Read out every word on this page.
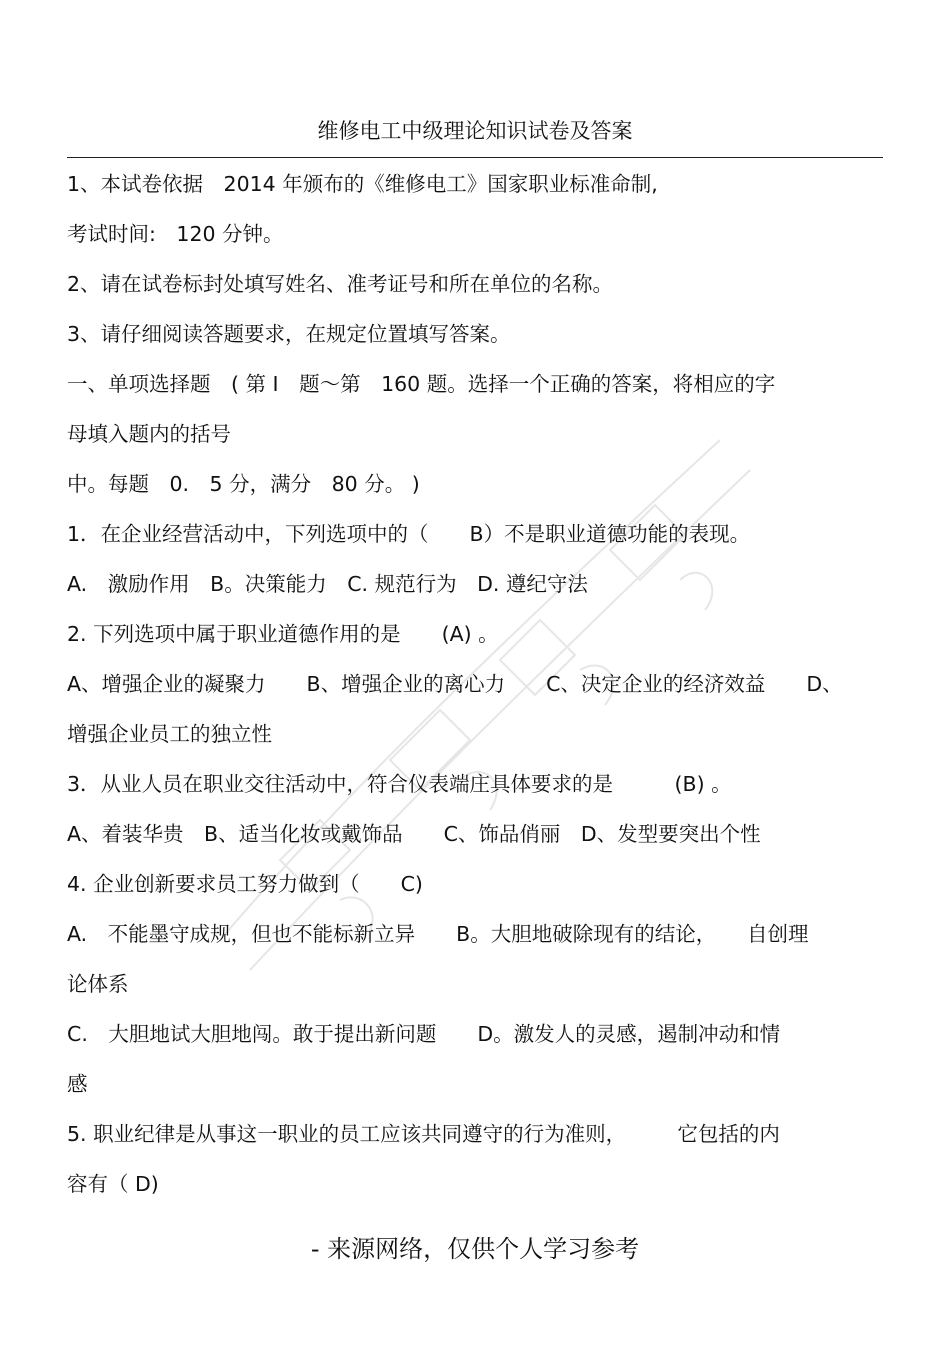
维修电工中级理论知识试卷及答案
1、本试卷依据　2014 年颁布的《维修电工》国家职业标准命制,
考试时间:　120 分钟。
2、请在试卷标封处填写姓名、准考证号和所在单位的名称。
3、请仔细阅读答题要求，在规定位置填写答案。
一、单项选择题　( 第 I　题～第　160 题。选择一个正确的答案，将相应的字
母填入题内的括号
中。每题　0.　5 分，满分　80 分。 )
1．在企业经营活动中，下列选项中的（　　B）不是职业道德功能的表现。
A.　激励作用　B。决策能力　C. 规范行为　D. 遵纪守法
2. 下列选项中属于职业道德作用的是　　(A) 。
A、增强企业的凝聚力　　B、增强企业的离心力　　C、决定企业的经济效益　　D、
增强企业员工的独立性
3．从业人员在职业交往活动中，符合仪表端庄具体要求的是　　　(B) 。
A、着装华贵　B、适当化妆或戴饰品　　C、饰品俏丽　D、发型要突出个性
4. 企业创新要求员工努力做到（　　C)
A.　不能墨守成规，但也不能标新立异　　B。大胆地破除现有的结论，　　自创理
论体系
C.　大胆地试大胆地闯。敢于提出新问题　　D。激发人的灵感，遏制冲动和情
感
5. 职业纪律是从事这一职业的员工应该共同遵守的行为准则，　　　它包括的内
容有（ D)
- 来源网络，仅供个人学习参考
